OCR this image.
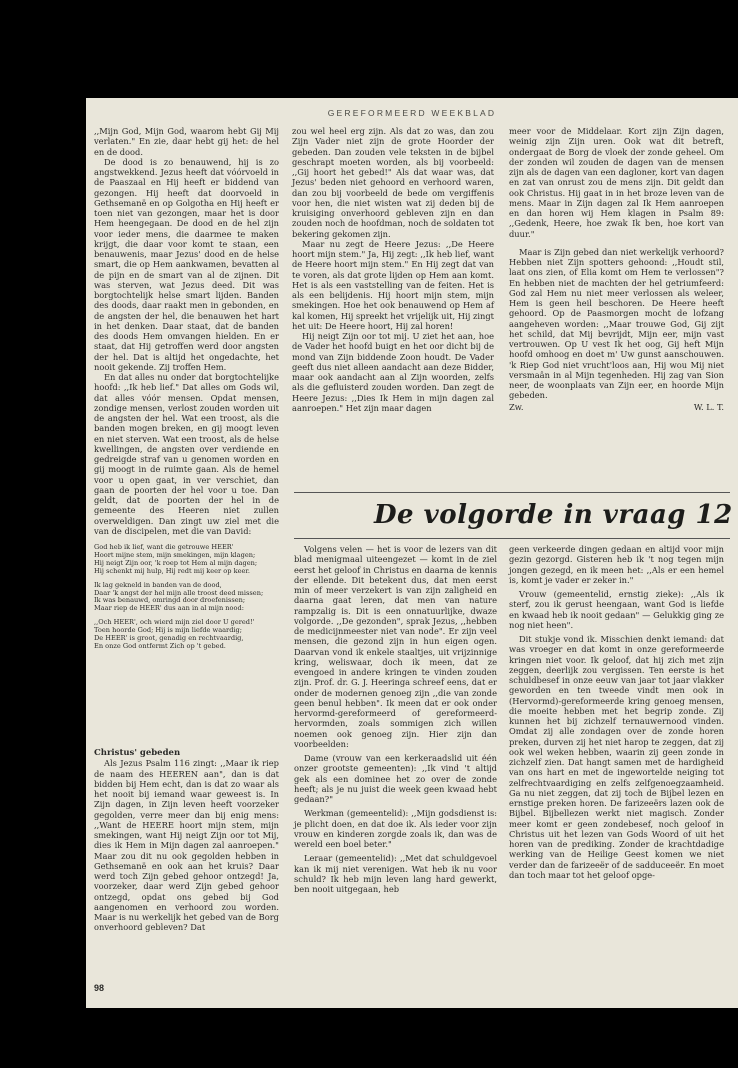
GEREFORMEERD WEEKBLAD

,,Mijn God, Mijn God, waarom hebt Gij Mij verlaten." En zie, daar hebt gij het: de hel en de dood.

De dood is zo benauwend, hij is zo angstwekkend. Jezus heeft dat vóórvoeld in de Paaszaal en Hij heeft er biddend van gezongen. Hij heeft dat doorvoeld in Gethsemanë en op Golgotha en Hij heeft er toen niet van gezongen, maar het is door Hem heengegaan. De dood en de hel zijn voor ieder mens, die daarmee te maken krijgt, die daar voor komt te staan, een benauwenis, maar Jezus' dood en de helse smart, die op Hem aankwamen, bevatten al de pijn en de smart van al de zijnen. Dit was sterven, wat Jezus deed. Dit was borgtochtelijk helse smart lijden. Banden des doods, daar raakt men in gebonden, en de angsten der hel, die benauwen het hart in het denken. Daar staat, dat de banden des doods Hem omvangen hielden. En er staat, dat Hij getroffen werd door angsten der hel. Dat is altijd het ongedachte, het nooit gekende. Zij troffen Hem.

En dat alles nu onder dat borgtochtelijke hoofd: ,,Ik heb lief." Dat alles om Gods wil, dat alles vóór mensen. Opdat mensen, zondige mensen, verlost zouden worden uit de angsten der hel. Wat een troost, als die banden mogen breken, en gij moogt leven en niet sterven. Wat een troost, als de helse kwellingen, de angsten over verdiende en gedreigde straf van u genomen worden en gij moogt in de ruimte gaan. Als de hemel voor u open gaat, in ver verschiet, dan gaan de poorten der hel voor u toe. Dan geldt, dat de poorten der hel in de gemeente des Heeren niet zullen overweldigen. Dan zingt uw ziel met die van de discipelen, met die van David:

God heb ik lief, want die getrouwe HEER'
Hoort mijne stem, mijn smekingen, mijn klagen;
Hij neigt Zijn oor, 'k roep tot Hem al mijn dagen;
Hij schenkt mij hulp, Hij redt mij keer op keer.
Ik lag gekneld in banden van de dood,
Daar 'k angst der hel mijn alle troost deed missen;
Ik was benauwd, omringd door droefenissen;
Maar riep de HEER' dus aan in al mijn nood:
,,Och HEER', och wierd mijn ziel door U gered!'
Toen hoorde God; Hij is mijn liefde waardig;
De HEER' is groot, genadig en rechtvaardig,
En onze God ontfermt Zich op 't gebed.

Christus' gebeden

Als Jezus Psalm 116 zingt: ,,Maar ik riep de naam des HEEREN aan", dan is dat bidden bij Hem echt, dan is dat zo waar als het nooit bij iemand waar geweest is. In Zijn dagen, in Zijn leven heeft voorzeker gegolden, verre meer dan bij enig mens: ,,Want de HEERE hoort mijn stem, mijn smekingen, want Hij neigt Zijn oor tot Mij, dies ik Hem in Mijn dagen zal aanroepen." Maar zou dit nu ook gegolden hebben in Gethsemanë en ook aan het kruis? Daar werd toch Zijn gebed gehoor ontzegd! Ja, voorzeker, daar werd Zijn gebed gehoor ontzegd, opdat ons gebed bij God aangenomen en verhoord zou worden. Maar is nu werkelijk het gebed van de Borg onverhoord gebleven? Dat

zou wel heel erg zijn. Als dat zo was, dan zou Zijn Vader niet zijn de grote Hoorder der gebeden. Dan zouden vele teksten in de bijbel geschrapt moeten worden, als bij voorbeeld: ,,Gij hoort het gebed!" Als dat waar was, dat Jezus' beden niet gehoord en verhoord waren, dan zou bij voorbeeld de bede om vergiffenis voor hen, die niet wisten wat zij deden bij de kruisiging onverhoord gebleven zijn en dan zouden noch de hoofdman, noch de soldaten tot bekering gekomen zijn.

Maar nu zegt de Heere Jezus: ,,De Heere hoort mijn stem." Ja, Hij zegt: ,,Ik heb lief, want de Heere hoort mijn stem." En Hij zegt dat van te voren, als dat grote lijden op Hem aan komt. Het is als een vaststelling van de feiten. Het is als een belijdenis. Hij hoort mijn stem, mijn smekingen. Hoe het ook benauwend op Hem af kal komen, Hij spreekt het vrijelijk uit, Hij zingt het uit: De Heere hoort, Hij zal horen!

Hij neigt Zijn oor tot mij. U ziet het aan, hoe de Vader het hoofd buigt en het oor dicht bij de mond van Zijn biddende Zoon houdt. De Vader geeft dus niet alleen aandacht aan deze Bidder, maar ook aandacht aan al Zijn woorden, zelfs als die gefluisterd zouden worden. Dan zegt de Heere Jezus: ,,Dies Ik Hem in mijn dagen zal aanroepen." Het zijn maar dagen

meer voor de Middelaar. Kort zijn Zijn dagen, weinig zijn Zijn uren. Ook wat dit betreft, ondergaat de Borg de vloek der zonde geheel. Om der zonden wil zouden de dagen van de mensen zijn als de dagen van een dagloner, kort van dagen en zat van onrust zou de mens zijn. Dit geldt dan ook Christus. Hij gaat in in het broze leven van de mens. Maar in Zijn dagen zal Ik Hem aanroepen en dan horen wij Hem klagen in Psalm 89: ,,Gedenk, Heere, hoe zwak Ik ben, hoe kort van duur."

Maar is Zijn gebed dan niet werkelijk verhoord? Hebben niet Zijn spotters gehoond: ,,Houdt stil, laat ons zien, of Elia komt om Hem te verlossen"? En hebben niet de machten der hel getriumfeerd: God zal Hem nu niet meer verlossen als weleer, Hem is geen heil beschoren. De Heere heeft gehoord. Op de Paasmorgen mocht de lofzang aangeheven worden: ,,Maar trouwe God, Gij zijt het schild, dat Mij bevrijdt, Mijn eer, mijn vast vertrouwen. Op U vest Ik het oog, Gij heft Mijn hoofd omhoog en doet m' Uw gunst aanschouwen. 'k Riep God niet vrucht'loos aan, Hij wou Mij niet versmaân in al Mijn tegenheden. Hij zag van Sion neer, de woonplaats van Zijn eer, en hoorde Mijn gebeden.

Zw.	W. L. T.
De volgorde in vraag 12

Volgens velen — het is voor de lezers van dit blad menigmaal uiteengezet — komt in de ziel eerst het geloof in Christus en daarna de kennis der ellende. Dit betekent dus, dat men eerst min of meer verzekert is van zijn zaligheid en daarna gaat leren, dat men van nature rampzalig is. Dit is een onnatuurlijke, dwaze volgorde. ,,De gezonden", sprak Jezus, ,,hebben de medicijnmeester niet van node". Er zijn veel mensen, die gezond zijn in hun eigen ogen. Daarvan vond ik enkele staaltjes, uit vrijzinnige kring, weliswaar, doch ik meen, dat ze evengoed in andere kringen te vinden zouden zijn. Prof. dr. G. J. Heeringa schreef eens, dat er onder de modernen genoeg zijn ,,die van zonde geen benul hebben". Ik meen dat er ook onder hervormd-gereformeerd of gereformeerd-hervormden, zoals sommigen zich willen noemen ook genoeg zijn. Hier zijn dan voorbeelden:

Dame (vrouw van een kerkeraadslid uit één onzer grootste gemeenten): ,,Ik vind 't altijd gek als een dominee het zo over de zonde heeft; als je nu juist die week geen kwaad hebt gedaan?"

Werkman (gemeentelid): ,,Mijn godsdienst is: je plicht doen, en dat doe ik. Als ieder voor zijn vrouw en kinderen zorgde zoals ik, dan was de wereld een boel beter."

Leraar (gemeentelid): ,,Met dat schuldgevoel kan ik mij niet verenigen. Wat heb ik nu voor schuld? Ik heb mijn leven lang hard gewerkt, ben nooit uitgegaan, heb

geen verkeerde dingen gedaan en altijd voor mijn gezin gezorgd. Gisteren heb ik 't nog tegen mijn jongen gezegd, en ik meen het: ,,Als er een hemel is, komt je vader er zeker in."

Vrouw (gemeentelid, ernstig zieke): ,,Als ik sterf, zou ik gerust heengaan, want God is liefde en kwaad heb ik nooit gedaan" — Gelukkig ging ze nog niet heen".

Dit stukje vond ik. Misschien denkt iemand: dat was vroeger en dat komt in onze gereformeerde kringen niet voor. Ik geloof, dat hij zich met zijn zeggen, deerlijk zou vergissen. Ten eerste is het schuldbesef in onze eeuw van jaar tot jaar vlakker geworden en ten tweede vindt men ook in (Hervormd)-gereformeerde kring genoeg mensen, die moeite hebben met het begrip zonde. Zij kunnen het bij zichzelf ternauwernood vinden. Omdat zij alle zondagen over de zonde horen preken, durven zij het niet harop te zeggen, dat zij ook wel weken hebben, waarin zij geen zonde in zichzelf zien. Dat hangt samen met de hardigheid van ons hart en met de ingewortelde neiging tot zelfrechtvaardiging en zelfs zelfgenoegzaamheid. Ga nu niet zeggen, dat zij toch de Bijbel lezen en ernstige preken horen. De farizeeërs lazen ook de Bijbel. Bijbellezen werkt niet magisch. Zonder meer komt er geen zondebesef, noch geloof in Christus uit het lezen van Gods Woord of uit het horen van de prediking. Zonder de krachtdadige werking van de Heilige Geest komen we niet verder dan de farizeeër of de sadduceeër. En moet dan toch maar tot het geloof opge-

98
